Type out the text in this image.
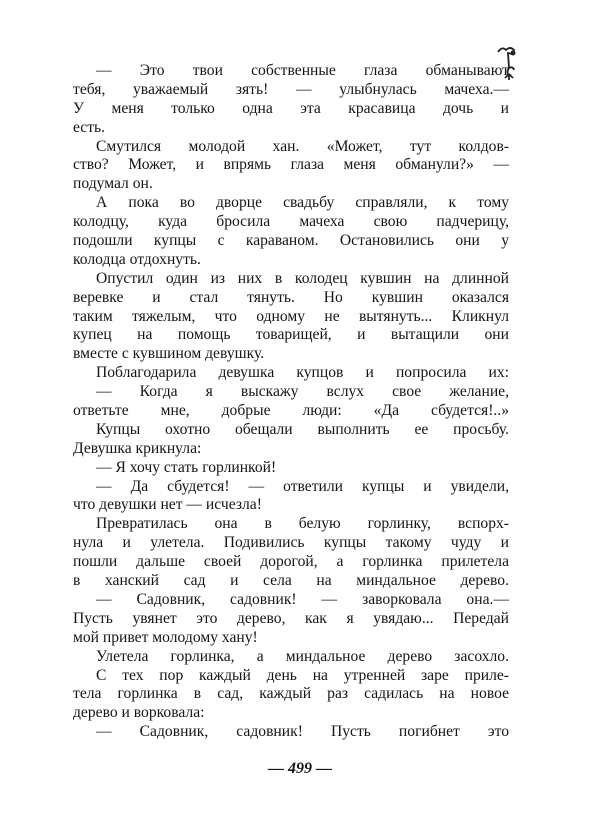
— Это твои собственные глаза обманывают
тебя, уважаемый зять! — улыбнулась мачеха.—
У меня только одна эта красавица дочь и
есть.
Смутился молодой хан. «Может, тут колдов-
ство? Может, и впрямь глаза меня обманули?» —
подумал он.
А пока во дворце свадьбу справляли, к тому
колодцу, куда бросила мачеха свою падчерицу,
подошли купцы с караваном. Остановились они у
колодца отдохнуть.
Опустил один из них в колодец кувшин на длинной
веревке и стал тянуть. Но кувшин оказался
таким тяжелым, что одному не вытянуть... Кликнул
купец на помощь товарищей, и вытащили они
вместе с кувшином девушку.
Поблагодарила девушка купцов и попросила их:
— Когда я выскажу вслух свое желание,
ответьте мне, добрые люди: «Да сбудется!..»
Купцы охотно обещали выполнить ее просьбу.
Девушка крикнула:
— Я хочу стать горлинкой!
— Да сбудется! — ответили купцы и увидели,
что девушки нет — исчезла!
Превратилась она в белую горлинку, вспорх-
нула и улетела. Подивились купцы такому чуду и
пошли дальше своей дорогой, а горлинка прилетела
в ханский сад и села на миндальное дерево.
— Садовник, садовник! — заворковала она.—
Пусть увянет это дерево, как я увядаю... Передай
мой привет молодому хану!
Улетела горлинка, а миндальное дерево засохло.
С тех пор каждый день на утренней заре приле-
тела горлинка в сад, каждый раз садилась на новое
дерево и ворковала:
— Садовник, садовник! Пусть погибнет это
— 499 —
